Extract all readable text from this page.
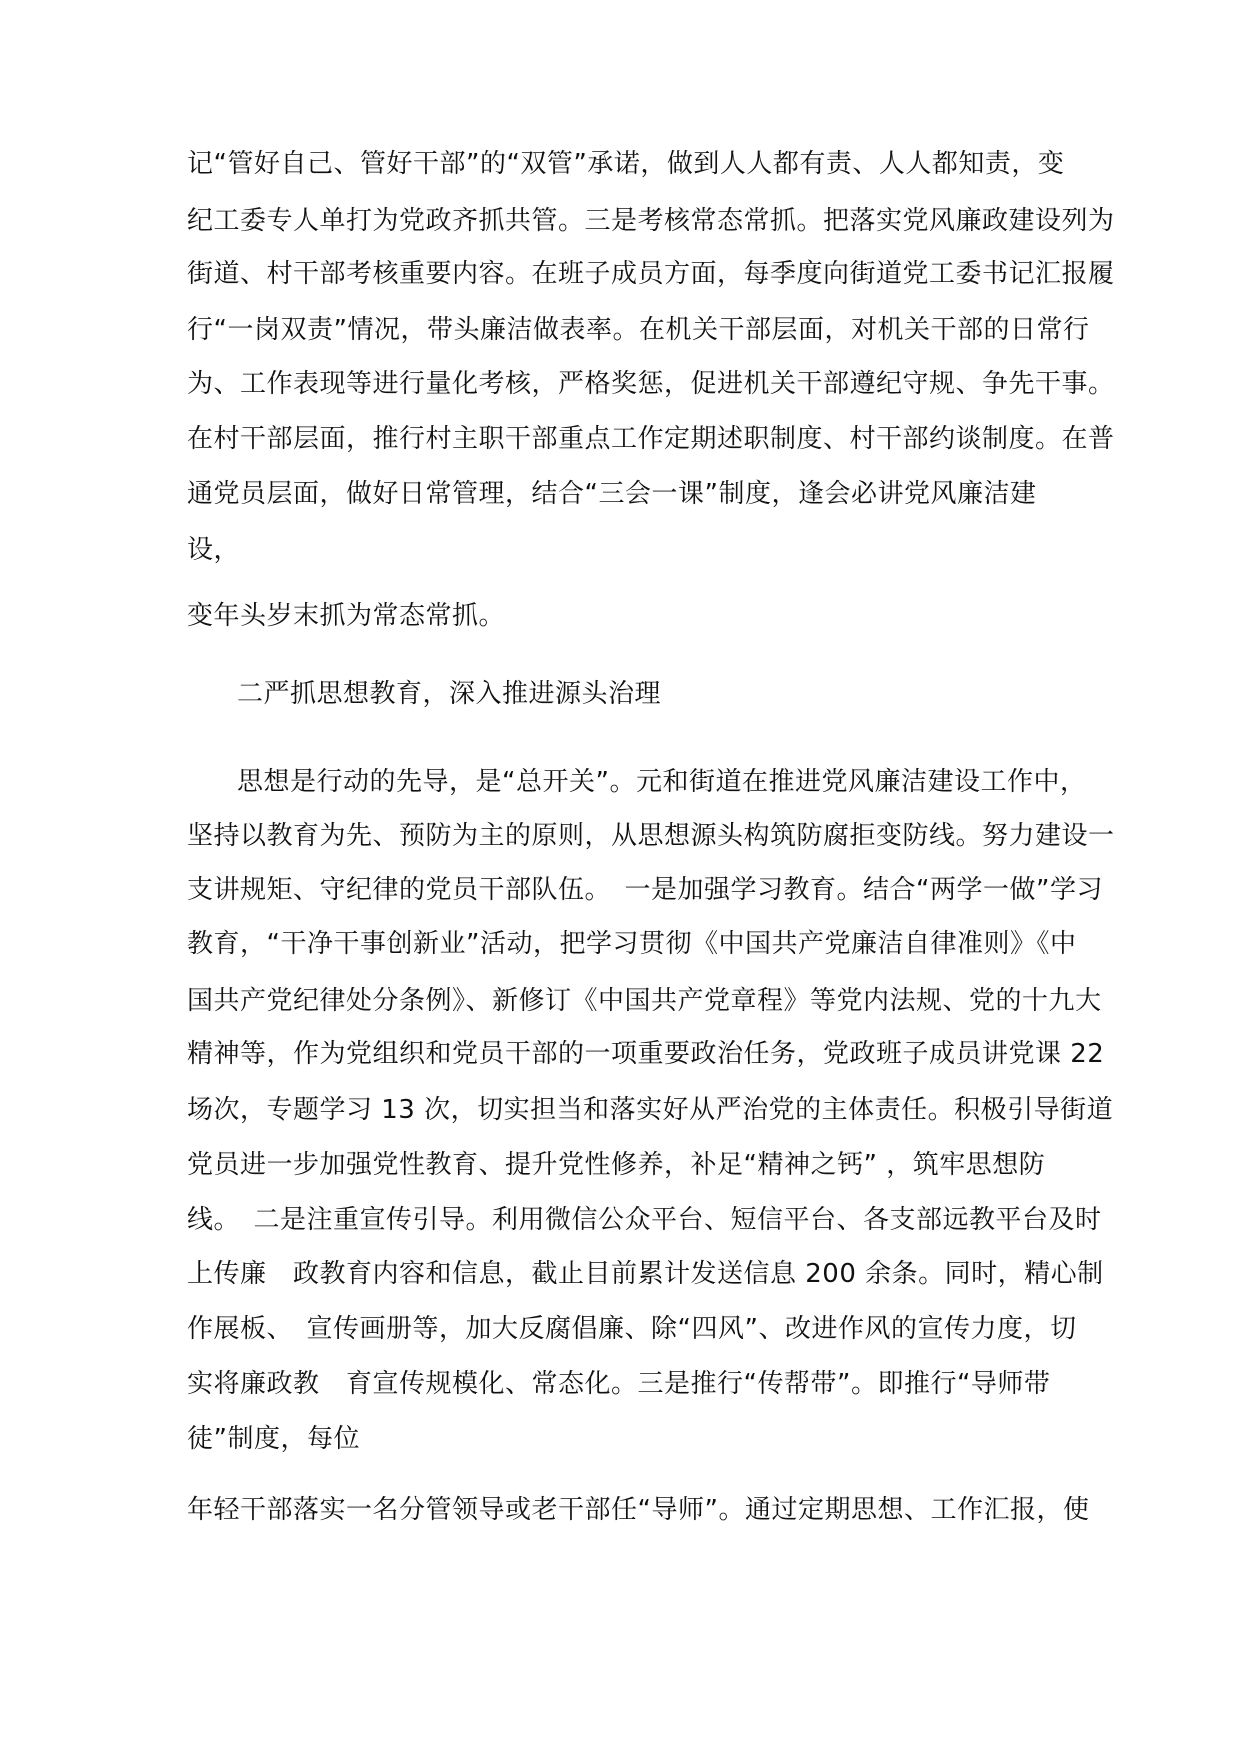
记“管好自己、管好干部”的“双管”承诺，做到人人都有责、人人都知责，变
纪工委专人单打为党政齐抓共管。三是考核常态常抓。把落实党风廉政建设列为
街道、村干部考核重要内容。在班子成员方面，每季度向街道党工委书记汇报履
行“一岗双责”情况，带头廉洁做表率。在机关干部层面，对机关干部的日常行
为、工作表现等进行量化考核，严格奖惩，促进机关干部遵纪守规、争先干事。
在村干部层面，推行村主职干部重点工作定期述职制度、村干部约谈制度。在普
通党员层面，做好日常管理，结合“三会一课”制度，逢会必讲党风廉洁建
设，
变年头岁末抓为常态常抓。
二严抓思想教育，深入推进源头治理
思想是行动的先导，是“总开关”。元和街道在推进党风廉洁建设工作中，
坚持以教育为先、预防为主的原则，从思想源头构筑防腐拒变防线。努力建设一
支讲规矩、守纪律的党员干部队伍。　一是加强学习教育。结合“两学一做”学习
教育，“干净干事创新业”活动，把学习贯彻《中国共产党廉洁自律准则》《中
国共产党纪律处分条例》、新修订《中国共产党章程》等党内法规、党的十九大
精神等，作为党组织和党员干部的一项重要政治任务，党政班子成员讲党课 22
场次，专题学习 13 次，切实担当和落实好从严治党的主体责任。积极引导街道
党员进一步加强党性教育、提升党性修养，补足“精神之钙” ，筑牢思想防
线。　二是注重宣传引导。利用微信公众平台、短信平台、各支部远教平台及时
上传廉　政教育内容和信息，截止目前累计发送信息 200 余条。同时，精心制
作展板、　宣传画册等，加大反腐倡廉、除“四风”、改进作风的宣传力度，切
实将廉政教　育宣传规模化、常态化。三是推行“传帮带”。即推行“导师带
徒”制度，每位
年轻干部落实一名分管领导或老干部任“导师”。通过定期思想、工作汇报，使
